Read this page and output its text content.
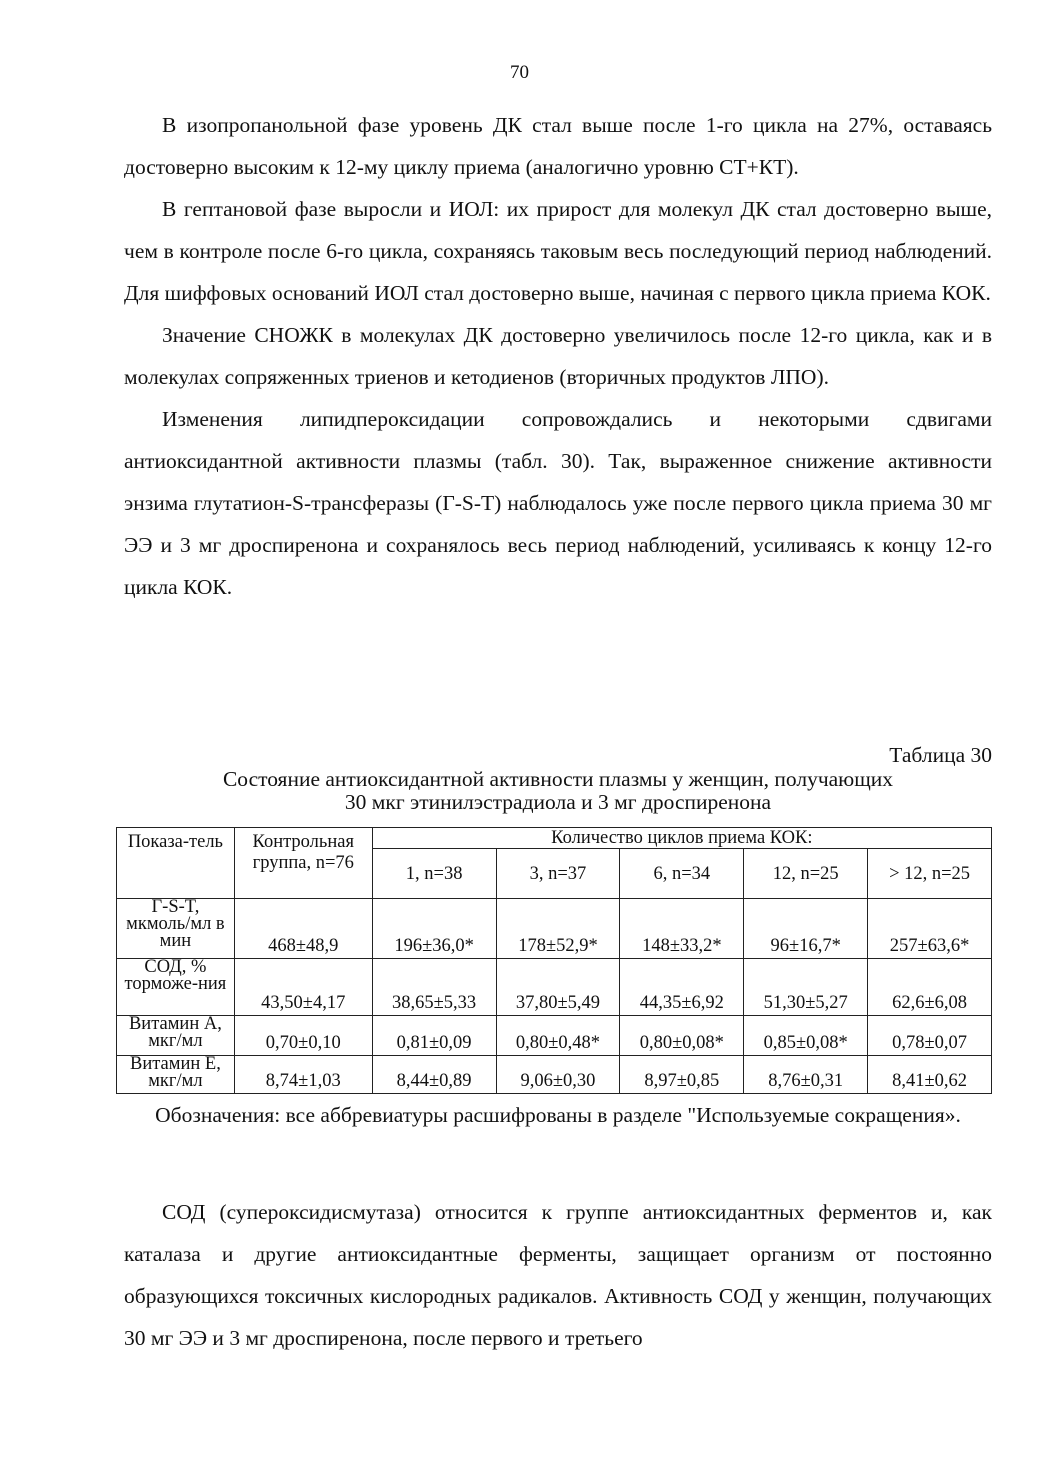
70

В изопропанольной фазе уровень ДК стал выше после 1-го цикла на 27%, оставаясь достоверно высоким к 12-му циклу приема (аналогично уровню СТ+КТ).

В гептановой фазе выросли и ИОЛ: их прирост для молекул ДК стал достоверно выше, чем в контроле после 6-го цикла, сохраняясь таковым весь последующий период наблюдений. Для шиффовых оснований ИОЛ стал достоверно выше, начиная с первого цикла приема КОК.

Значение СНОЖК в молекулах ДК достоверно увеличилось после 12-го цикла, как и в молекулах сопряженных триенов и кетодиенов (вторичных продуктов ЛПО).

Изменения липидпероксидации сопровождались и некоторыми сдвигами антиоксидантной активности плазмы (табл. 30). Так, выраженное снижение активности энзима глутатион-S-трансферазы (Г-S-T) наблюдалось уже после первого цикла приема 30 мг ЭЭ и 3 мг дроспиренона и сохранялось весь период наблюдений, усиливаясь к концу 12-го цикла КОК.

Таблица 30
Состояние антиоксидантной активности плазмы у женщин, получающих
30 мкг этинилэстрадиола и 3 мг дроспиренона
Показа-тель	Контрольная группа, n=76	Количество циклов приема КОК:				
		1, n=38	3, n=37	6, n=34	12, n=25	> 12, n=25
Г-S-T, мкмоль/мл в мин	468±48,9	196±36,0*	178±52,9*	148±33,2*	96±16,7*	257±63,6*
СОД, % торможе-ния	43,50±4,17	38,65±5,33	37,80±5,49	44,35±6,92	51,30±5,27	62,6±6,08
Витамин А, мкг/мл	0,70±0,10	0,81±0,09	0,80±0,48*	0,80±0,08*	0,85±0,08*	0,78±0,07
Витамин Е, мкг/мл	8,74±1,03	8,44±0,89	9,06±0,30	8,97±0,85	8,76±0,31	8,41±0,62
Обозначения: все аббревиатуры расшифрованы в разделе "Используемые сокращения».

СОД (супероксидисмутаза) относится к группе антиоксидантных ферментов и, как каталаза и другие антиоксидантные ферменты, защищает организм от постоянно образующихся токсичных кислородных радикалов. Активность СОД у женщин, получающих 30 мг ЭЭ и 3 мг дроспиренона, после первого и третьего
